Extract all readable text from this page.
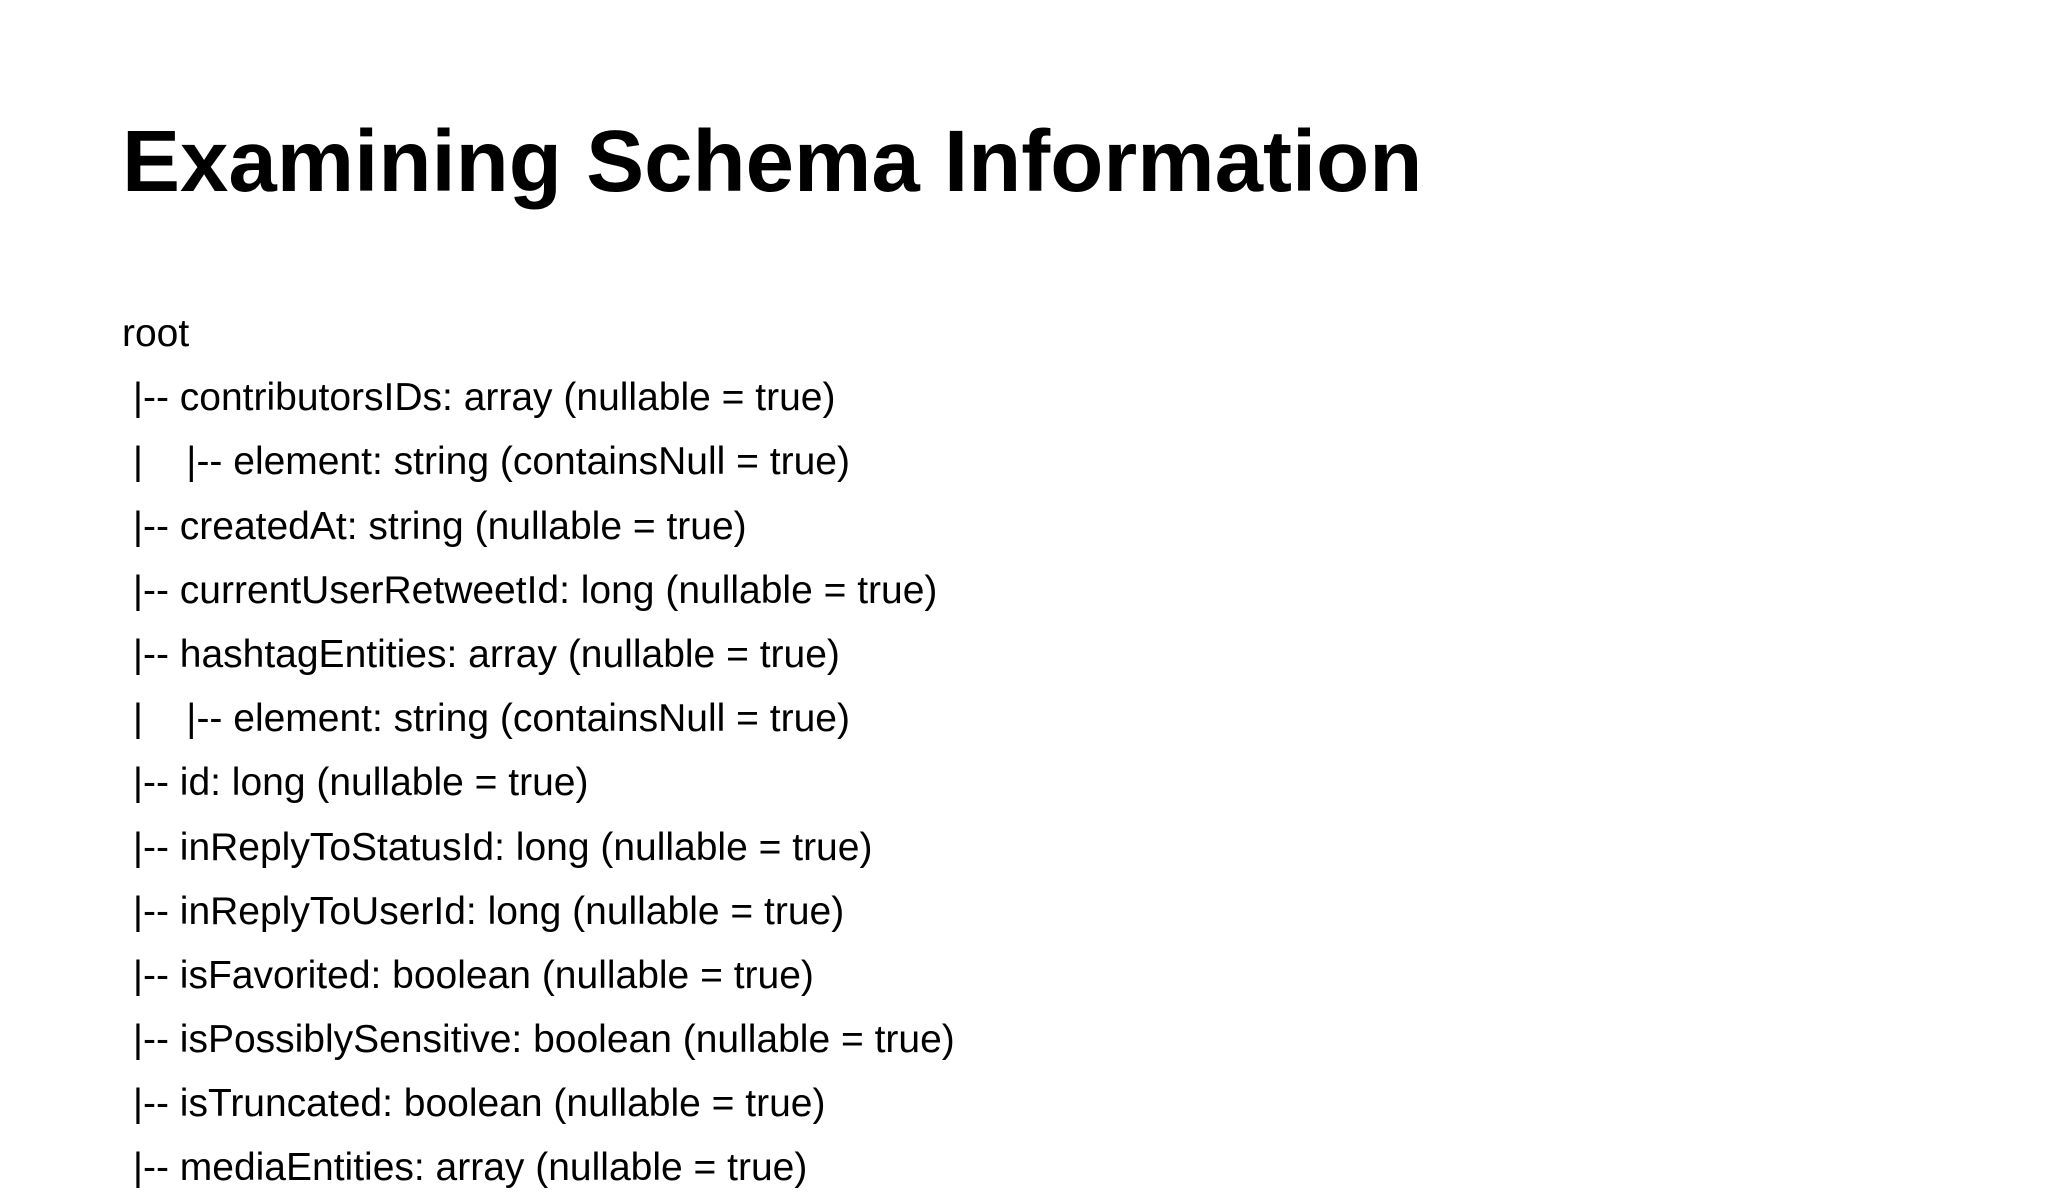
Examining Schema Information
root
|-- contributorsIDs: array (nullable = true)
|    |-- element: string (containsNull = true)
|-- createdAt: string (nullable = true)
|-- currentUserRetweetId: long (nullable = true)
|-- hashtagEntities: array (nullable = true)
|    |-- element: string (containsNull = true)
|-- id: long (nullable = true)
|-- inReplyToStatusId: long (nullable = true)
|-- inReplyToUserId: long (nullable = true)
|-- isFavorited: boolean (nullable = true)
|-- isPossiblySensitive: boolean (nullable = true)
|-- isTruncated: boolean (nullable = true)
|-- mediaEntities: array (nullable = true)
